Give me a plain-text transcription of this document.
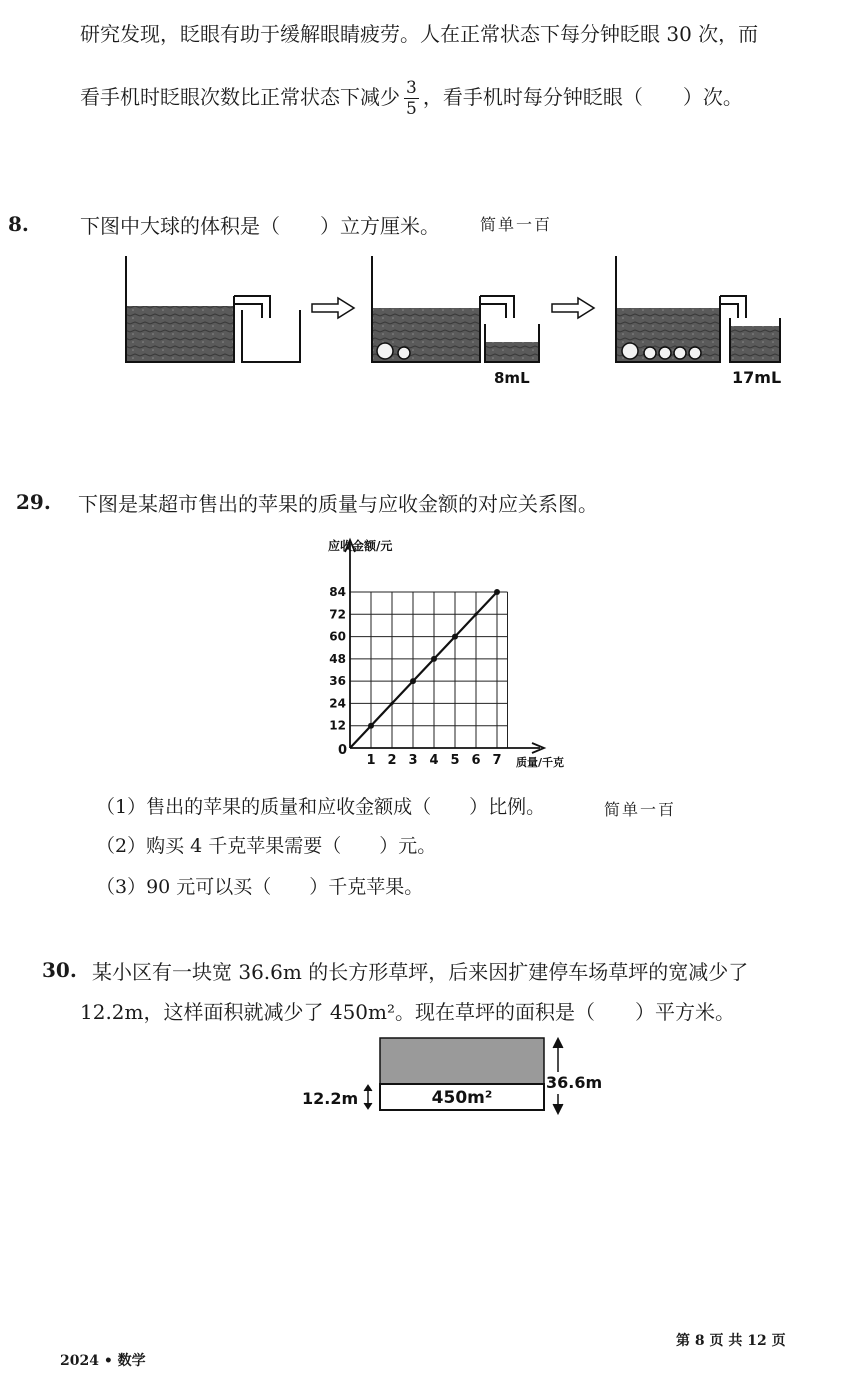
研究发现，眨眼有助于缓解眼睛疲劳。人在正常状态下每分钟眨眼 30 次，而
看手机时眨眼次数比正常状态下减少 $\frac{3}{5}$ ，看手机时每分钟眨眼（　　）次。
8.	下图中大球的体积是（　　）立方厘米。	简单一百
8mL	17mL
29. 下图是某超市售出的苹果的质量与应收金额的对应关系图。
1 2 3 4 5 6 7
12
24
36
48
60
72
84
应收金额/元
质量/千克
0
（1）售出的苹果的质量和应收金额成（　　）比例。	简单一百
（2）购买 4 千克苹果需要（　　）元。
（3）90 元可以买（　　）千克苹果。
30. 某小区有一块宽 36.6m 的长方形草坪，后来因扩建停车场草坪的宽减少了
12.2m，这样面积就减少了 450m²。现在草坪的面积是（　　）平方米。
450m²
12.2m
36.6m
2024 • 数学
第 8 页 共 12 页
